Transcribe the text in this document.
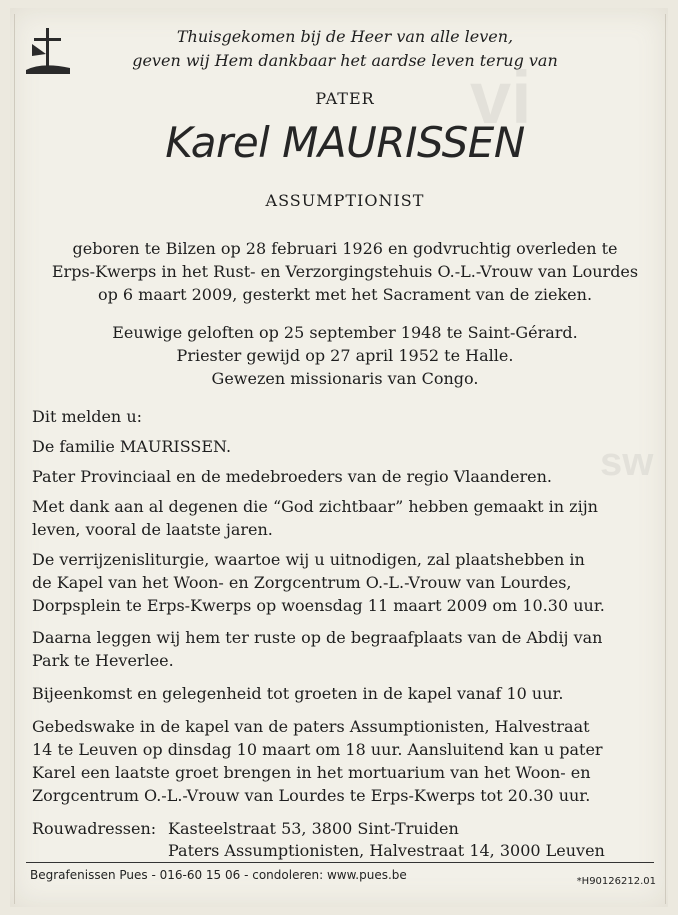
vi
sw
Thuisgekomen bij de Heer van alle leven,
geven wij Hem dankbaar het aardse leven terug van
PATER
Karel MAURISSEN
ASSUMPTIONIST
geboren te Bilzen op 28 februari 1926 en godvruchtig overleden te
Erps-Kwerps in het Rust- en Verzorgingstehuis O.-L.-Vrouw van Lourdes
op 6 maart 2009, gesterkt met het Sacrament van de zieken.
Eeuwige geloften op 25 september 1948 te Saint-Gérard.
Priester gewijd op 27 april 1952 te Halle.
Gewezen missionaris van Congo.
Dit melden u:
De familie MAURISSEN.
Pater Provinciaal en de medebroeders van de regio Vlaanderen.
Met dank aan al degenen die “God zichtbaar” hebben gemaakt in zijn
leven, vooral de laatste jaren.
De verrijzenisliturgie, waartoe wij u uitnodigen, zal plaatshebben in
de Kapel van het Woon- en Zorgcentrum O.-L.-Vrouw van Lourdes,
Dorpsplein te Erps-Kwerps op woensdag 11 maart 2009 om 10.30 uur.
Daarna leggen wij hem ter ruste op de begraafplaats van de Abdij van
Park te Heverlee.
Bijeenkomst en gelegenheid tot groeten in de kapel vanaf 10 uur.
Gebedswake in de kapel van de paters Assumptionisten, Halvestraat
14 te Leuven op dinsdag 10 maart om 18 uur. Aansluitend kan u pater
Karel een laatste groet brengen in het mortuarium van het Woon- en
Zorgcentrum O.-L.-Vrouw van Lourdes te Erps-Kwerps tot 20.30 uur.
Rouwadressen: Kasteelstraat 53, 3800 Sint-Truiden
Paters Assumptionisten, Halvestraat 14, 3000 Leuven
Begrafenissen Pues - 016-60 15 06 - condoleren: www.pues.be	*H90126212.01
